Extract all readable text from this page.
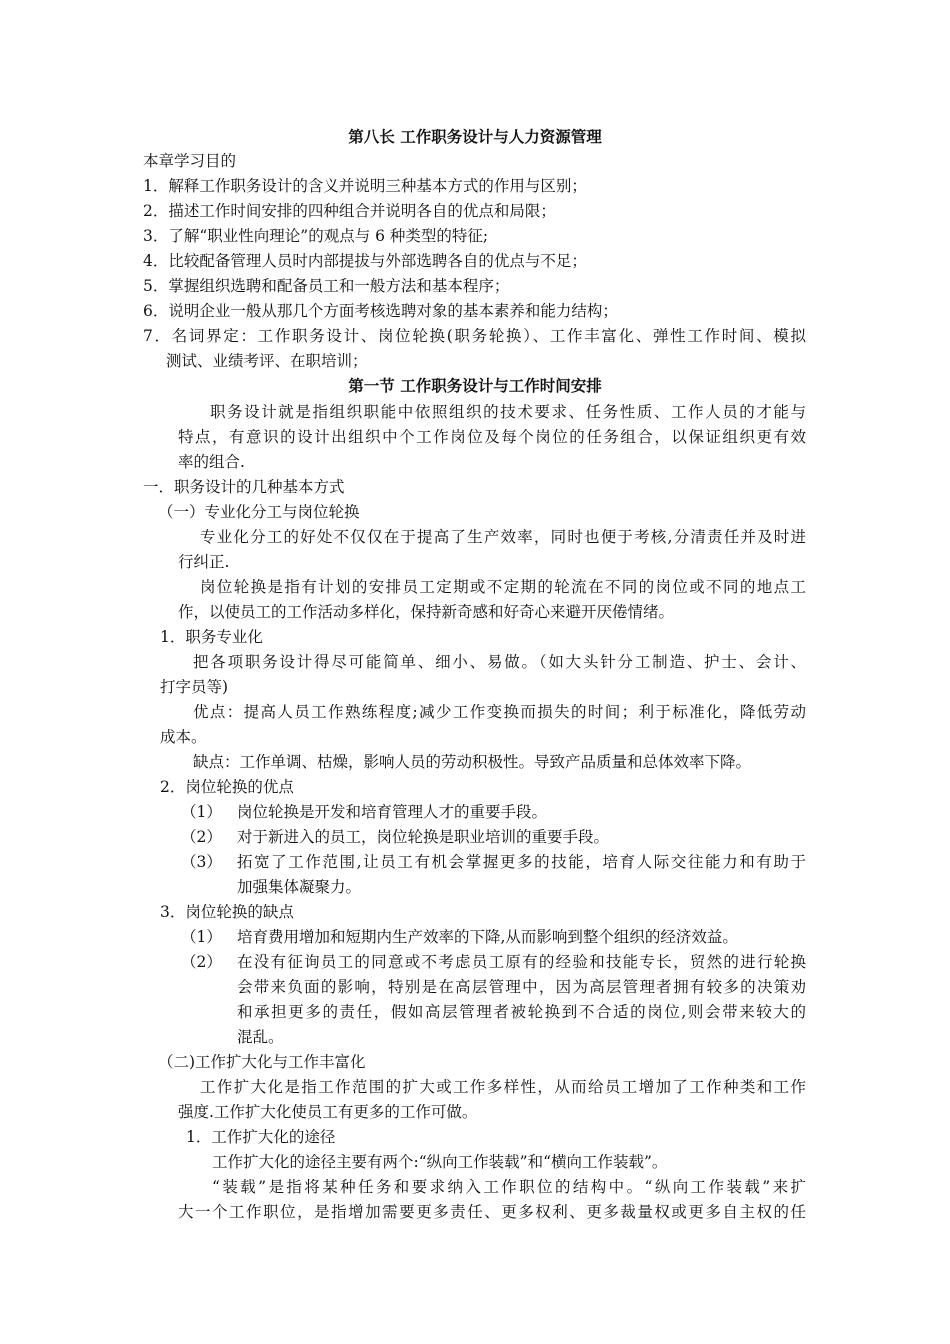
第八长 工作职务设计与人力资源管理
本章学习目的
1．解释工作职务设计的含义并说明三种基本方式的作用与区别；
2．描述工作时间安排的四种组合并说明各自的优点和局限；
3．了解“职业性向理论”的观点与 6 种类型的特征;
4．比较配备管理人员时内部提拔与外部选聘各自的优点与不足；
5．掌握组织选聘和配备员工和一般方法和基本程序；
6．说明企业一般从那几个方面考核选聘对象的基本素养和能力结构；
7．名词界定：工作职务设计、岗位轮换(职务轮换）、工作丰富化、弹性工作时间、模拟
测试、业绩考评、在职培训；
第一节 工作职务设计与工作时间安排
职务设计就是指组织职能中依照组织的技术要求、任务性质、工作人员的才能与
特点，有意识的设计出组织中个工作岗位及每个岗位的任务组合，以保证组织更有效
率的组合.
一．职务设计的几种基本方式
（一）专业化分工与岗位轮换
专业化分工的好处不仅仅在于提高了生产效率，同时也便于考核,分清责任并及时进
行纠正.
岗位轮换是指有计划的安排员工定期或不定期的轮流在不同的岗位或不同的地点工
作，以使员工的工作活动多样化，保持新奇感和好奇心来避开厌倦情绪。
1．职务专业化
把各项职务设计得尽可能简单、细小、易做。（如大头针分工制造、护士、会计、
打字员等)
优点：提高人员工作熟练程度;减少工作变换而损失的时间；利于标准化，降低劳动
成本。
缺点：工作单调、枯燥，影响人员的劳动积极性。导致产品质量和总体效率下降。
2．岗位轮换的优点
（1） 岗位轮换是开发和培育管理人才的重要手段。
（2） 对于新进入的员工，岗位轮换是职业培训的重要手段。
（3） 拓宽了工作范围,让员工有机会掌握更多的技能，培育人际交往能力和有助于
加强集体凝聚力。
3．岗位轮换的缺点
（1） 培育费用增加和短期内生产效率的下降,从而影响到整个组织的经济效益。
（2） 在没有征询员工的同意或不考虑员工原有的经验和技能专长，贸然的进行轮换
会带来负面的影响，特别是在高层管理中，因为高层管理者拥有较多的决策劝
和承担更多的责任，假如高层管理者被轮换到不合适的岗位,则会带来较大的
混乱。
（二)工作扩大化与工作丰富化
工作扩大化是指工作范围的扩大或工作多样性，从而给员工增加了工作种类和工作
强度.工作扩大化使员工有更多的工作可做。
1．工作扩大化的途径
工作扩大化的途径主要有两个:“纵向工作装载”和“横向工作装载”。
“装载”是指将某种任务和要求纳入工作职位的结构中。“纵向工作装载”来扩
大一个工作职位，是指增加需要更多责任、更多权利、更多裁量权或更多自主权的任
